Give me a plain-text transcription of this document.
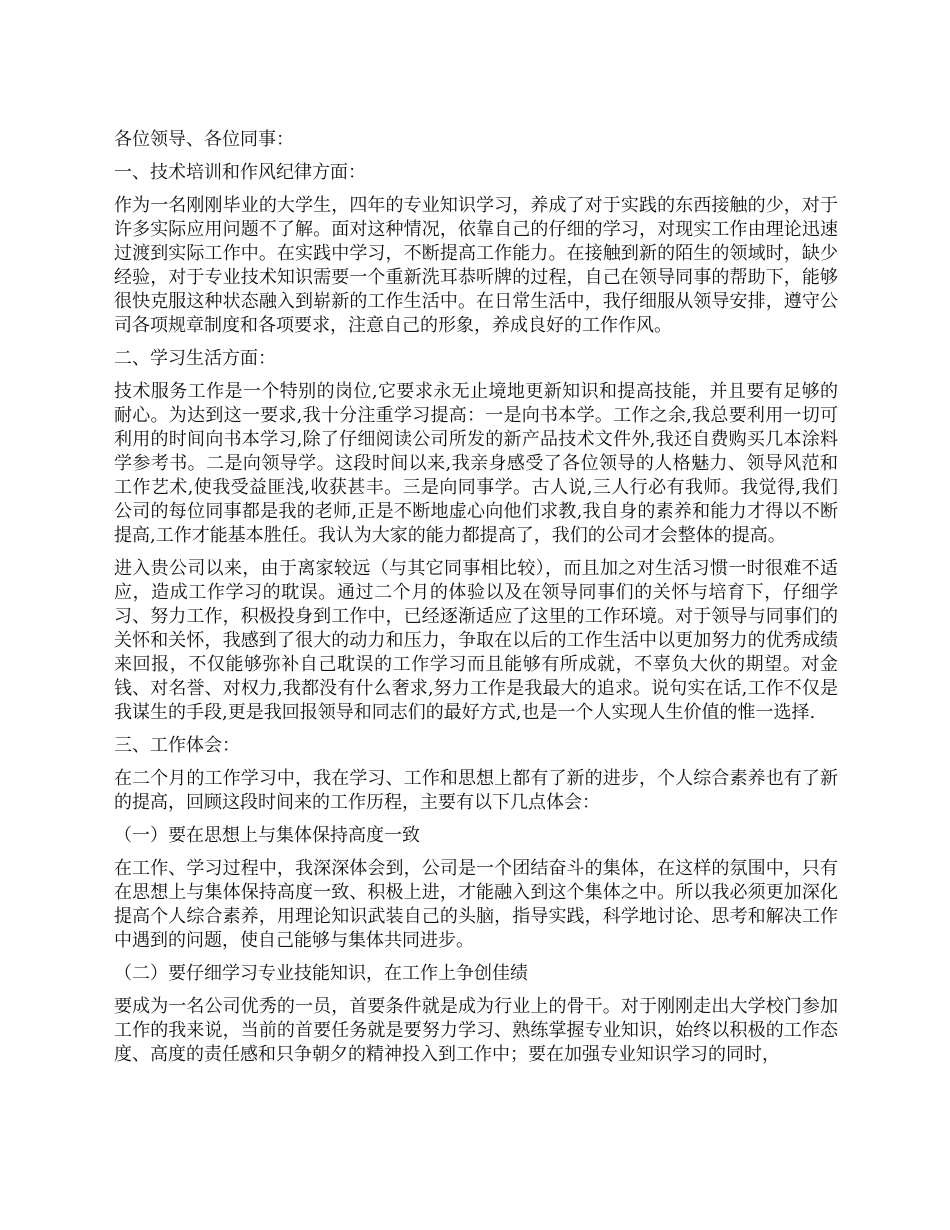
各位领导、各位同事：

一、技术培训和作风纪律方面：

作为一名刚刚毕业的大学生，四年的专业知识学习，养成了对于实践的东西接触的少，对于许多实际应用问题不了解。面对这种情况，依靠自己的仔细的学习，对现实工作由理论迅速过渡到实际工作中。在实践中学习，不断提高工作能力。在接触到新的陌生的领域时，缺少经验，对于专业技术知识需要一个重新洗耳恭听牌的过程，自己在领导同事的帮助下，能够很快克服这种状态融入到崭新的工作生活中。在日常生活中，我仔细服从领导安排，遵守公司各项规章制度和各项要求，注意自己的形象，养成良好的工作作风。

二、学习生活方面：

技术服务工作是一个特别的岗位,它要求永无止境地更新知识和提高技能，并且要有足够的耐心。为达到这一要求,我十分注重学习提高：一是向书本学。工作之余,我总要利用一切可利用的时间向书本学习,除了仔细阅读公司所发的新产品技术文件外,我还自费购买几本涂料学参考书。二是向领导学。这段时间以来,我亲身感受了各位领导的人格魅力、领导风范和工作艺术,使我受益匪浅,收获甚丰。三是向同事学。古人说,三人行必有我师。我觉得,我们公司的每位同事都是我的老师,正是不断地虚心向他们求教,我自身的素养和能力才得以不断提高,工作才能基本胜任。我认为大家的能力都提高了，我们的公司才会整体的提高。

进入贵公司以来，由于离家较远（与其它同事相比较），而且加之对生活习惯一时很难不适应，造成工作学习的耽误。通过二个月的体验以及在领导同事们的关怀与培育下，仔细学习、努力工作，积极投身到工作中，已经逐渐适应了这里的工作环境。对于领导与同事们的关怀和关怀，我感到了很大的动力和压力，争取在以后的工作生活中以更加努力的优秀成绩来回报，不仅能够弥补自己耽误的工作学习而且能够有所成就，不辜负大伙的期望。对金钱、对名誉、对权力,我都没有什么奢求,努力工作是我最大的追求。说句实在话,工作不仅是我谋生的手段,更是我回报领导和同志们的最好方式,也是一个人实现人生价值的惟一选择.

三、工作体会：

在二个月的工作学习中，我在学习、工作和思想上都有了新的进步，个人综合素养也有了新的提高，回顾这段时间来的工作历程，主要有以下几点体会：

（一）要在思想上与集体保持高度一致

在工作、学习过程中，我深深体会到，公司是一个团结奋斗的集体，在这样的氛围中，只有在思想上与集体保持高度一致、积极上进，才能融入到这个集体之中。所以我必须更加深化提高个人综合素养，用理论知识武装自己的头脑，指导实践，科学地讨论、思考和解决工作中遇到的问题，使自己能够与集体共同进步。

（二）要仔细学习专业技能知识，在工作上争创佳绩

要成为一名公司优秀的一员，首要条件就是成为行业上的骨干。对于刚刚走出大学校门参加工作的我来说，当前的首要任务就是要努力学习、熟练掌握专业知识，始终以积极的工作态度、高度的责任感和只争朝夕的精神投入到工作中；要在加强专业知识学习的同时，
